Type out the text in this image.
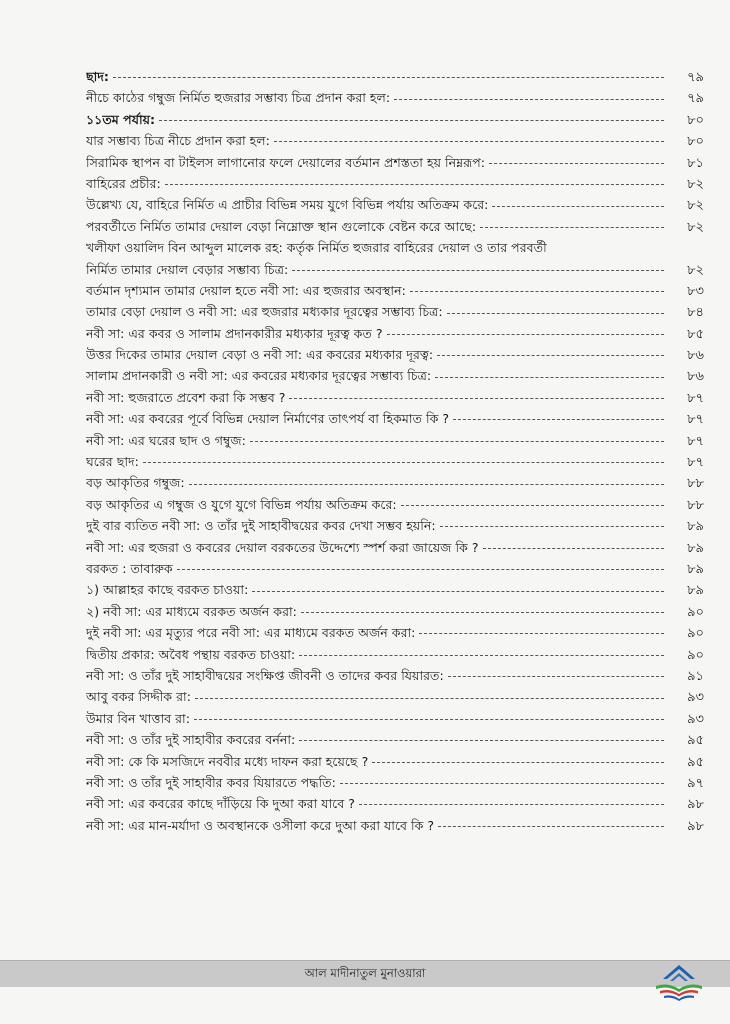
ছাদ:	৭৯
নীচে কাঠের গম্বুজ নির্মিত হুজরার সম্ভাব্য চিত্র প্রদান করা হল:	৭৯
১১তম পর্যায়:	৮০
যার সম্ভাব্য চিত্র নীচে প্রদান করা হল:	৮০
সিরামিক স্থাপন বা টাইলস লাগানোর ফলে দেয়ালের বর্তমান প্রশস্ততা হয় নিম্নরূপ:	৮১
বাহিরের প্রচীর:	৮২
উল্লেখ্য যে, বাহিরে নির্মিত এ প্রাচীর বিভিন্ন সময় যুগে বিভিন্ন পর্যায় অতিক্রম করে:	৮২
পরবর্তীতে নির্মিত তামার দেয়াল বেড়া নিম্নোক্ত স্থান গুলোকে বেষ্টন করে আছে:	৮২
খলীফা ওয়ালিদ বিন আব্দুল মালেক রহ: কর্তৃক নির্মিত হুজরার বাহিরের দেয়াল ও তার পরবর্তী
নির্মিত তামার দেয়াল বেড়ার সম্ভাব্য চিত্র:	৮২
বর্তমান দৃশ্যমান তামার দেয়াল হতে নবী সা: এর হুজরার অবস্থান:	৮৩
তামার বেড়া দেয়াল ও নবী সা: এর হুজরার মধ্যকার দূরত্বের সম্ভাব্য চিত্র:	৮৪
নবী সা: এর কবর ও সালাম প্রদানকারীর মধ্যকার দূরত্ব কত ?	৮৫
উত্তর দিকের তামার দেয়াল বেড়া ও নবী সা: এর কবরের মধ্যকার দূরত্ব:	৮৬
সালাম প্রদানকারী ও নবী সা: এর কবরের মধ্যকার দূরত্বের সম্ভাব্য চিত্র:	৮৬
নবী সা: হুজরাতে প্রবেশ করা কি সম্ভব ?	৮৭
নবী সা: এর কবরের পূর্বে বিভিন্ন দেয়াল নির্মাণের তাৎপর্য বা হিকমাত কি ?	৮৭
নবী সা: এর ঘরের ছাদ ও গম্বুজ:	৮৭
ঘরের ছাদ:	৮৭
বড় আকৃতির গম্বুজ:	৮৮
বড় আকৃতির এ গম্বুজ ও যুগে যুগে বিভিন্ন পর্যায় অতিক্রম করে:	৮৮
দুই বার ব্যতিত নবী সা: ও তাঁর দুই সাহাবীদ্বয়ের কবর দেখা সম্ভব হয়নি:	৮৯
নবী সা: এর হুজরা ও কবরের দেয়াল বরকতের উদ্দেশ্যে স্পর্শ করা জায়েজ কি ?	৮৯
বরকত : তাবারুক	৮৯
১) আল্লাহর কাছে বরকত চাওয়া:	৮৯
২) নবী সা: এর মাধ্যমে বরকত অর্জন করা:	৯০
দুই নবী সা: এর মৃত্যুর পরে নবী সা: এর মাধ্যমে বরকত অর্জন করা:	৯০
দ্বিতীয় প্রকার: অবৈধ পন্থায় বরকত চাওয়া:	৯০
নবী সা: ও তাঁর দুই সাহাবীদ্বয়ের সংক্ষিপ্ত জীবনী ও তাদের কবর যিয়ারত:	৯১
আবু বকর সিদ্দীক রা:	৯৩
উমার বিন খাত্তাব রা:	৯৩
নবী সা: ও তাঁর দুই সাহাবীর কবরের বর্ননা:	৯৫
নবী সা: কে কি মসজিদে নববীর মধ্যে দাফন করা হয়েছে ?	৯৫
নবী সা: ও তাঁর দুই সাহাবীর কবর যিয়ারতে পদ্ধতি:	৯৭
নবী সা: এর কবরের কাছে দাঁড়িয়ে কি দুআ করা যাবে ?	৯৮
নবী সা: এর মান-মর্যাদা ও অবস্থানকে ওসীলা করে দুআ করা যাবে কি ?	৯৮
আল মাদীনাতুল মুনাওয়ারা
